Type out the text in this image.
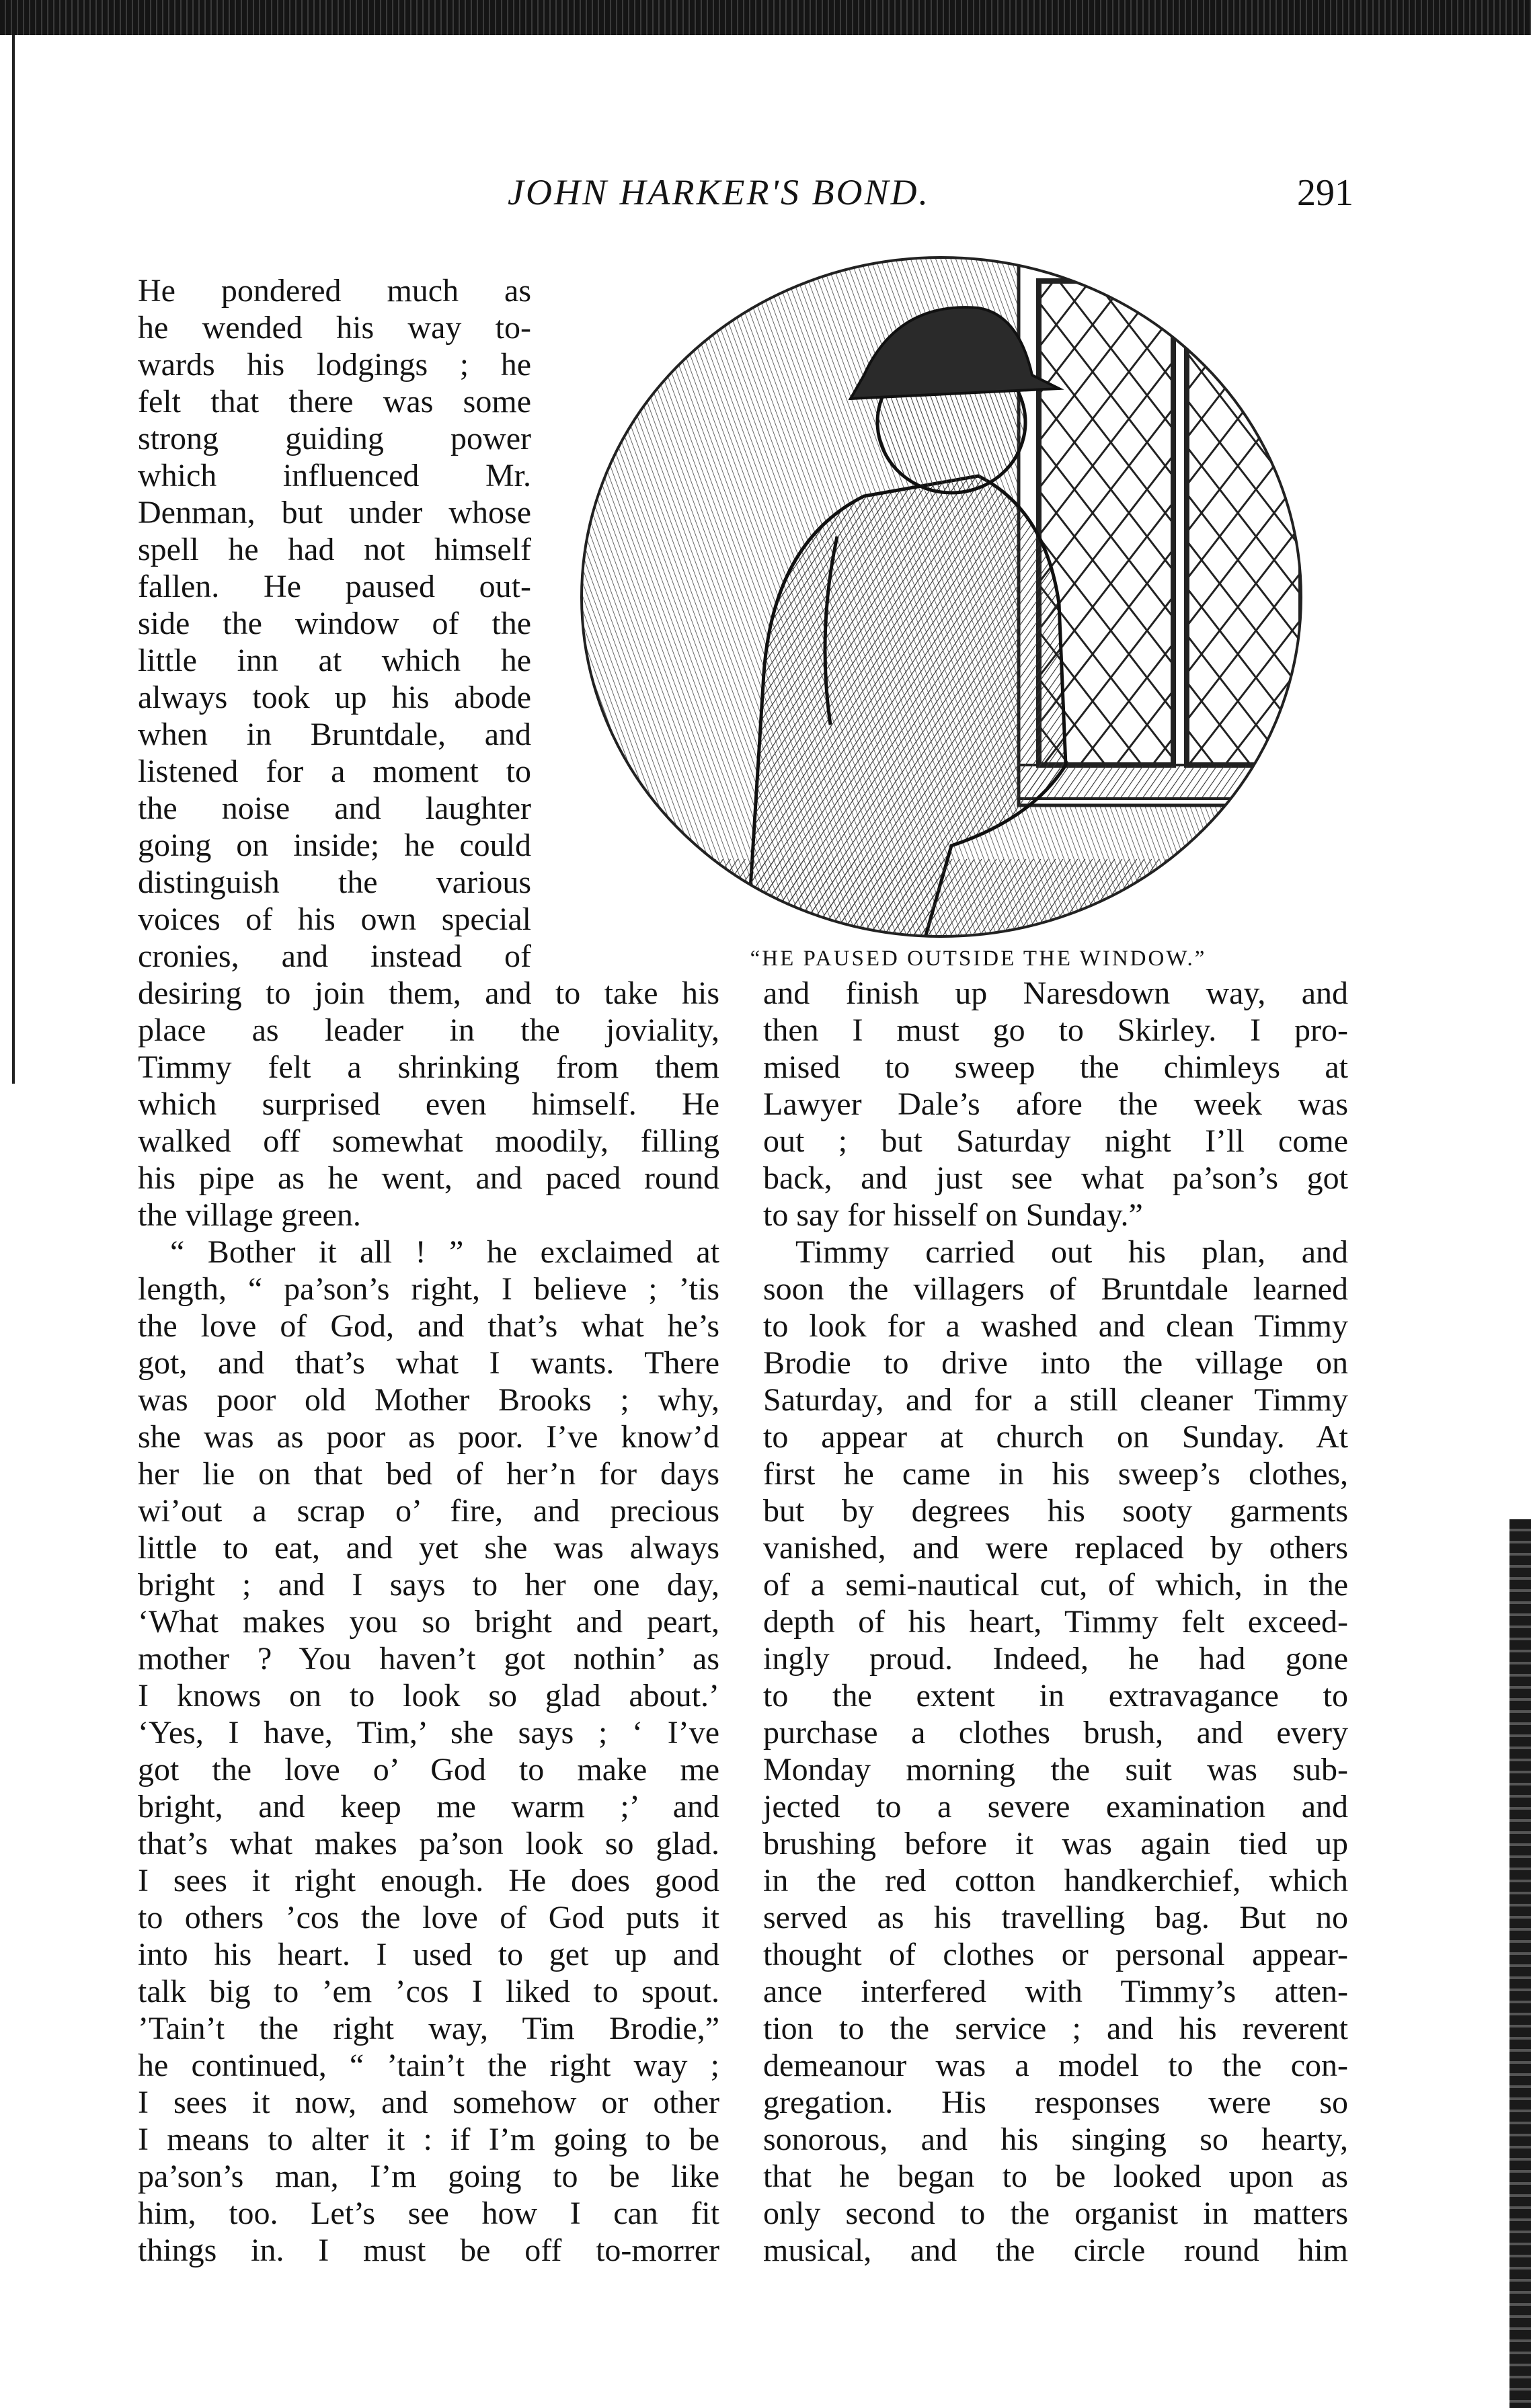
JOHN HARKER'S BOND.	291
“HE PAUSED OUTSIDE THE WINDOW.”
He pondered much as
he wended his way to-
wards his lodgings ; he
felt that there was some
strong guiding power
which influenced Mr.
Denman, but under whose
spell he had not himself
fallen. He paused out-
side the window of the
little inn at which he
always took up his abode
when in Bruntdale, and
listened for a moment to
the noise and laughter
going on inside; he could
distinguish the various
voices of his own special
cronies, and instead of
desiring to join them, and to take his
place as leader in the joviality,
Timmy felt a shrinking from them
which surprised even himself. He
walked off somewhat moodily, filling
his pipe as he went, and paced round
the village green.
“ Bother it all ! ” he exclaimed at
length, “ pa’son’s right, I believe ; ’tis
the love of God, and that’s what he’s
got, and that’s what I wants. There
was poor old Mother Brooks ; why,
she was as poor as poor. I’ve know’d
her lie on that bed of her’n for days
wi’out a scrap o’ fire, and precious
little to eat, and yet she was always
bright ; and I says to her one day,
‘What makes you so bright and peart,
mother ? You haven’t got nothin’ as
I knows on to look so glad about.’
‘Yes, I have, Tim,’ she says ; ‘ I’ve
got the love o’ God to make me
bright, and keep me warm ;’ and
that’s what makes pa’son look so glad.
I sees it right enough. He does good
to others ’cos the love of God puts it
into his heart. I used to get up and
talk big to ’em ’cos I liked to spout.
’Tain’t the right way, Tim Brodie,”
he continued, “ ’tain’t the right way ;
I sees it now, and somehow or other
I means to alter it : if I’m going to be
pa’son’s man, I’m going to be like
him, too. Let’s see how I can fit
things in. I must be off to-morrer
and finish up Naresdown way, and
then I must go to Skirley. I pro-
mised to sweep the chimleys at
Lawyer Dale’s afore the week was
out ; but Saturday night I’ll come
back, and just see what pa’son’s got
to say for hisself on Sunday.”
Timmy carried out his plan, and
soon the villagers of Bruntdale learned
to look for a washed and clean Timmy
Brodie to drive into the village on
Saturday, and for a still cleaner Timmy
to appear at church on Sunday. At
first he came in his sweep’s clothes,
but by degrees his sooty garments
vanished, and were replaced by others
of a semi-nautical cut, of which, in the
depth of his heart, Timmy felt exceed-
ingly proud. Indeed, he had gone
to the extent in extravagance to
purchase a clothes brush, and every
Monday morning the suit was sub-
jected to a severe examination and
brushing before it was again tied up
in the red cotton handkerchief, which
served as his travelling bag. But no
thought of clothes or personal appear-
ance interfered with Timmy’s atten-
tion to the service ; and his reverent
demeanour was a model to the con-
gregation. His responses were so
sonorous, and his singing so hearty,
that he began to be looked upon as
only second to the organist in matters
musical, and the circle round him
